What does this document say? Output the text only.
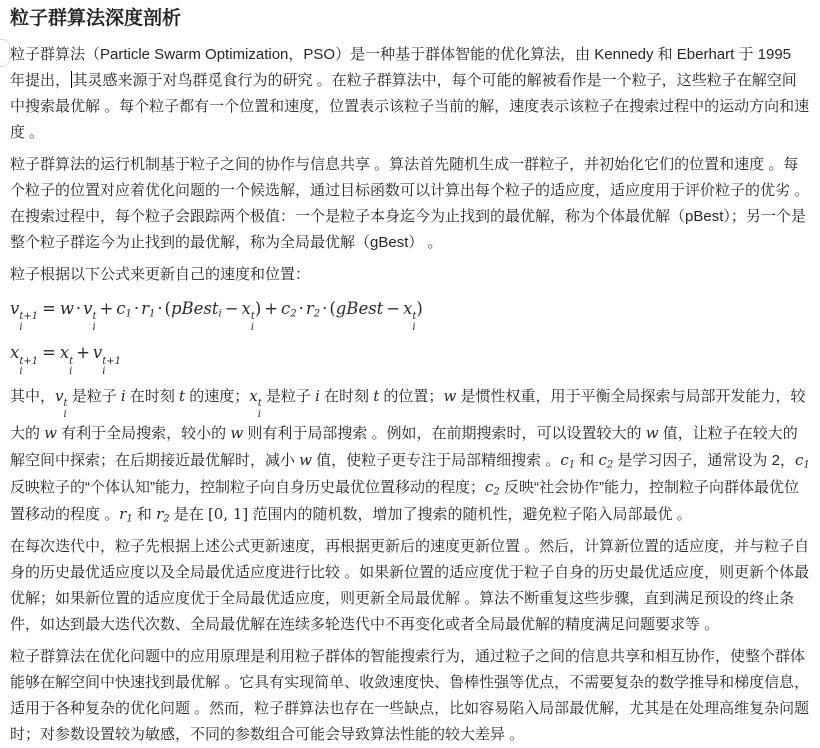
粒子群算法深度剖析
粒子群算法（Particle Swarm Optimization，PSO）是一种基于群体智能的优化算法，由 Kennedy 和 Eberhart 于 1995 年提出， 其灵感来源于对鸟群觅食行为的研究 。在粒子群算法中，每个可能的解被看作是一个粒子，这些粒子在解空间中搜索最优解 。每个粒子都有一个位置和速度，位置表示该粒子当前的解，速度表示该粒子在搜索过程中的运动方向和速度 。
粒子群算法的运行机制基于粒子之间的协作与信息共享 。算法首先随机生成一群粒子，并初始化它们的位置和速度 。每个粒子的位置对应着优化问题的一个候选解，通过目标函数可以计算出每个粒子的适应度，适应度用于评价粒子的优劣 。在搜索过程中，每个粒子会跟踪两个极值：一个是粒子本身迄今为止找到的最优解，称为个体最优解（pBest）；另一个是整个粒子群迄今为止找到的最优解，称为全局最优解（gBest） 。
粒子根据以下公式来更新自己的速度和位置：
v t+1
i
= w · v t
i
+ $c_1 \cdot r_1$ · (pBest$_i$ − x t
i
) + $c_2 \cdot r_2$ · (gBest − x t
i
)
x t+1
i
= x t
i
+ v t+1
i
其中，v t
i
是粒子 i 在时刻 t 的速度；x t
i
是粒子 i 在时刻 t 的位置；w 是惯性权重，用于平衡全局探索与局部开发能力，较大的 w 有利于全局搜索，较小的 w 则有利于局部搜索 。例如，在前期搜索时，可以设置较大的 w 值，让粒子在较大的解空间中探索；在后期接近最优解时，减小 w 值，使粒子更专注于局部精细搜索 。$c_1$ 和 $c_2$ 是学习因子，通常设为 2，$c_1$ 反映粒子的“个体认知”能力，控制粒子向自身历史最优位置移动的程度；$c_2$ 反映“社会协作”能力，控制粒子向群体最优位置移动的程度 。$r_1$ 和 $r_2$ 是在 [0, 1] 范围内的随机数，增加了搜索的随机性，避免粒子陷入局部最优 。
在每次迭代中，粒子先根据上述公式更新速度，再根据更新后的速度更新位置 。然后，计算新位置的适应度，并与粒子自身的历史最优适应度以及全局最优适应度进行比较 。如果新位置的适应度优于粒子自身的历史最优适应度，则更新个体最优解；如果新位置的适应度优于全局最优适应度，则更新全局最优解 。算法不断重复这些步骤，直到满足预设的终止条件，如达到最大迭代次数、全局最优解在连续多轮迭代中不再变化或者全局最优解的精度满足问题要求等 。
粒子群算法在优化问题中的应用原理是利用粒子群体的智能搜索行为，通过粒子之间的信息共享和相互协作，使整个群体能够在解空间中快速找到最优解 。它具有实现简单、收敛速度快、鲁棒性强等优点，不需要复杂的数学推导和梯度信息，适用于各种复杂的优化问题 。然而，粒子群算法也存在一些缺点，比如容易陷入局部最优解，尤其是在处理高维复杂问题时；对参数设置较为敏感，不同的参数组合可能会导致算法性能的较大差异 。
